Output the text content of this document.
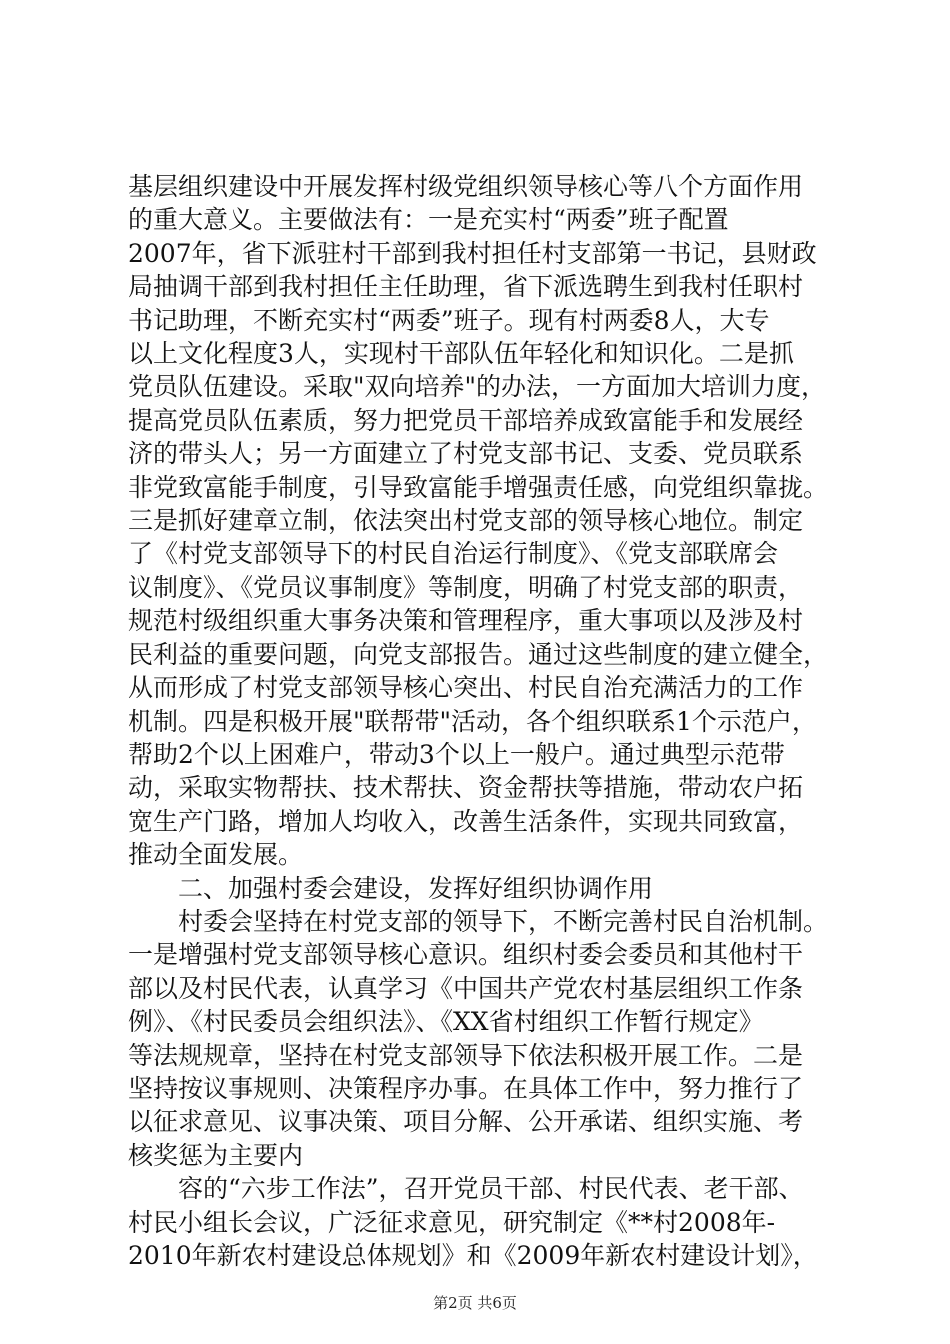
基层组织建设中开展发挥村级党组织领导核心等八个方面作用
的重大意义。主要做法有：一是充实村“两委”班子配置
2007年，省下派驻村干部到我村担任村支部第一书记，县财政
局抽调干部到我村担任主任助理，省下派选聘生到我村任职村
书记助理，不断充实村“两委”班子。现有村两委8人，大专
以上文化程度3人，实现村干部队伍年轻化和知识化。二是抓
党员队伍建设。采取"双向培养"的办法，一方面加大培训力度，
提高党员队伍素质，努力把党员干部培养成致富能手和发展经
济的带头人；另一方面建立了村党支部书记、支委、党员联系
非党致富能手制度，引导致富能手增强责任感，向党组织靠拢。
三是抓好建章立制，依法突出村党支部的领导核心地位。制定
了《村党支部领导下的村民自治运行制度》、《党支部联席会
议制度》、《党员议事制度》等制度，明确了村党支部的职责，
规范村级组织重大事务决策和管理程序，重大事项以及涉及村
民利益的重要问题，向党支部报告。通过这些制度的建立健全，
从而形成了村党支部领导核心突出、村民自治充满活力的工作
机制。四是积极开展"联帮带"活动，各个组织联系1个示范户，
帮助2个以上困难户，带动3个以上一般户。通过典型示范带
动，采取实物帮扶、技术帮扶、资金帮扶等措施，带动农户拓
宽生产门路，增加人均收入，改善生活条件，实现共同致富，
推动全面发展。
二、加强村委会建设，发挥好组织协调作用
村委会坚持在村党支部的领导下，不断完善村民自治机制。
一是增强村党支部领导核心意识。组织村委会委员和其他村干
部以及村民代表，认真学习《中国共产党农村基层组织工作条
例》、《村民委员会组织法》、《XX省村组织工作暂行规定》
等法规规章，坚持在村党支部领导下依法积极开展工作。二是
坚持按议事规则、决策程序办事。在具体工作中，努力推行了
以征求意见、议事决策、项目分解、公开承诺、组织实施、考
核奖惩为主要内
容的“六步工作法”，召开党员干部、村民代表、老干部、
村民小组长会议，广泛征求意见，研究制定《**村2008年-
2010年新农村建设总体规划》和《2009年新农村建设计划》，
第2页 共6页
